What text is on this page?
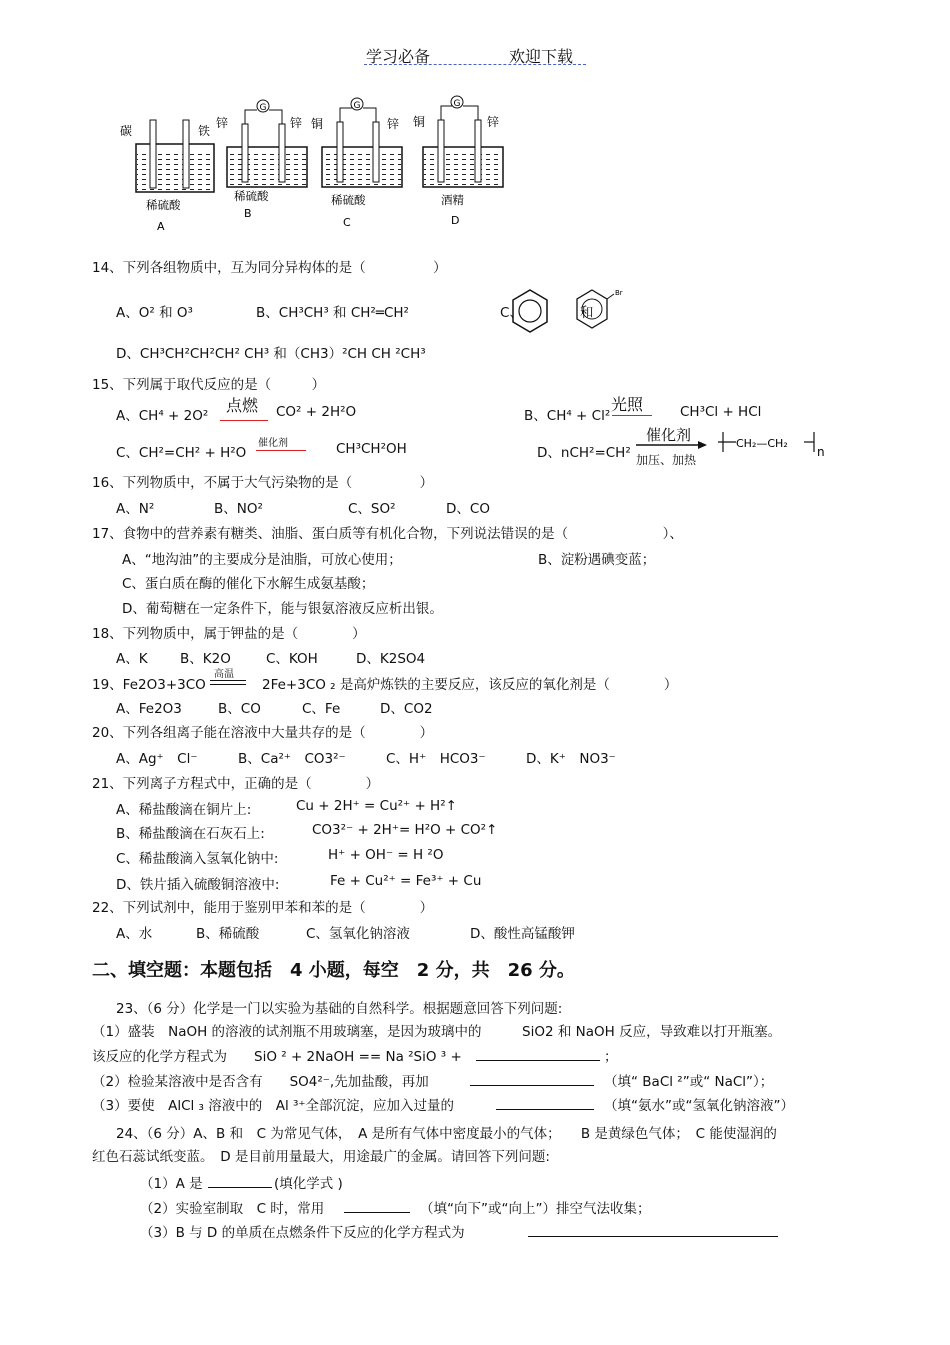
学习必备	欢迎下载
碳	铁
稀硫酸
A
G
锌	锌
稀硫酸
B
G
铜	锌
稀硫酸
C
G
铜	锌
酒精
D
14、下列各组物质中，互为同分异构体的是（　　　　　）
A、O² 和 O³	B、CH³CH³ 和 CH²═CH²	C、
Br
和
D、CH³CH²CH²CH² CH³ 和（CH3）²CH CH ²CH³
15、下列属于取代反应的是（　　　）
A、CH⁴ + 2O²
点燃 CO² + 2H²O	B、CH⁴ + Cl²
光照	CH³Cl + HCl
C、CH²=CH² + H²O
催化剂	CH³CH²OH	D、nCH²=CH²
催化剂
加压、加热
CH₂—CH₂
n
16、下列物质中，不属于大气污染物的是（　　　　　）
A、N²	B、NO²	C、SO²	D、CO
17、食物中的营养素有糖类、油脂、蛋白质等有机化合物，下列说法错误的是（　　　　　　　）、
A、“地沟油”的主要成分是油脂，可放心使用；	B、淀粉遇碘变蓝；
C、蛋白质在酶的催化下水解生成氨基酸；
D、葡萄糖在一定条件下，能与银氨溶液反应析出银。
18、下列物质中，属于钾盐的是（　　　　）
A、K B、K2O	C、KOH	D、K2SO4
19、Fe2O3+3CO
高温
2Fe+3CO ₂ 是高炉炼铁的主要反应，该反应的氧化剂是（　　　　）
A、Fe2O3	B、CO	C、Fe	D、CO2
20、下列各组离子能在溶液中大量共存的是（　　　　）
A、Ag⁺　Cl⁻	B、Ca²⁺　CO3²⁻	C、H⁺　HCO3⁻	D、K⁺　NO3⁻
21、下列离子方程式中，正确的是（　　　　）
A、稀盐酸滴在铜片上:	Cu + 2H⁺ = Cu²⁺ + H²↑
B、稀盐酸滴在石灰石上:	CO3²⁻ + 2H⁺= H²O + CO²↑
C、稀盐酸滴入氢氧化钠中:	H⁺ + OH⁻ = H ²O
D、铁片插入硫酸铜溶液中:	Fe + Cu²⁺ = Fe³⁺ + Cu
22、下列试剂中，能用于鉴别甲苯和苯的是（　　　　）
A、水	B、稀硫酸	C、氢氧化钠溶液	D、酸性高锰酸钾
二、填空题：本题包括　4 小题，每空　2 分，共　26 分。
23、（6 分）化学是一门以实验为基础的自然科学。根据题意回答下列问题:
（1）盛装　NaOH 的溶液的试剂瓶不用玻璃塞，是因为玻璃中的　　　SiO2 和 NaOH 反应，导致难以打开瓶塞。
该反应的化学方程式为　　SiO ² + 2NaOH == Na ²SiO ³ +	；
（2）检验某溶液中是否含有　　SO4²⁻,先加盐酸，再加	（填“ BaCl ²”或“ NaCl”）；
（3）要使　AlCl ₃ 溶液中的　Al ³⁺全部沉淀，应加入过量的	（填“氨水”或“氢氧化钠溶液”）
24、（6 分）A、B 和　C 为常见气体，　A 是所有气体中密度最小的气体；　　B 是黄绿色气体；　C 能使湿润的
红色石蕊试纸变蓝。　D 是目前用量最大，用途最广的金属。请回答下列问题:
（1）A 是	(填化学式 )
（2）实验室制取　C 时，常用	（填“向下”或“向上”）排空气法收集；
（3）B 与 D 的单质在点燃条件下反应的化学方程式为
